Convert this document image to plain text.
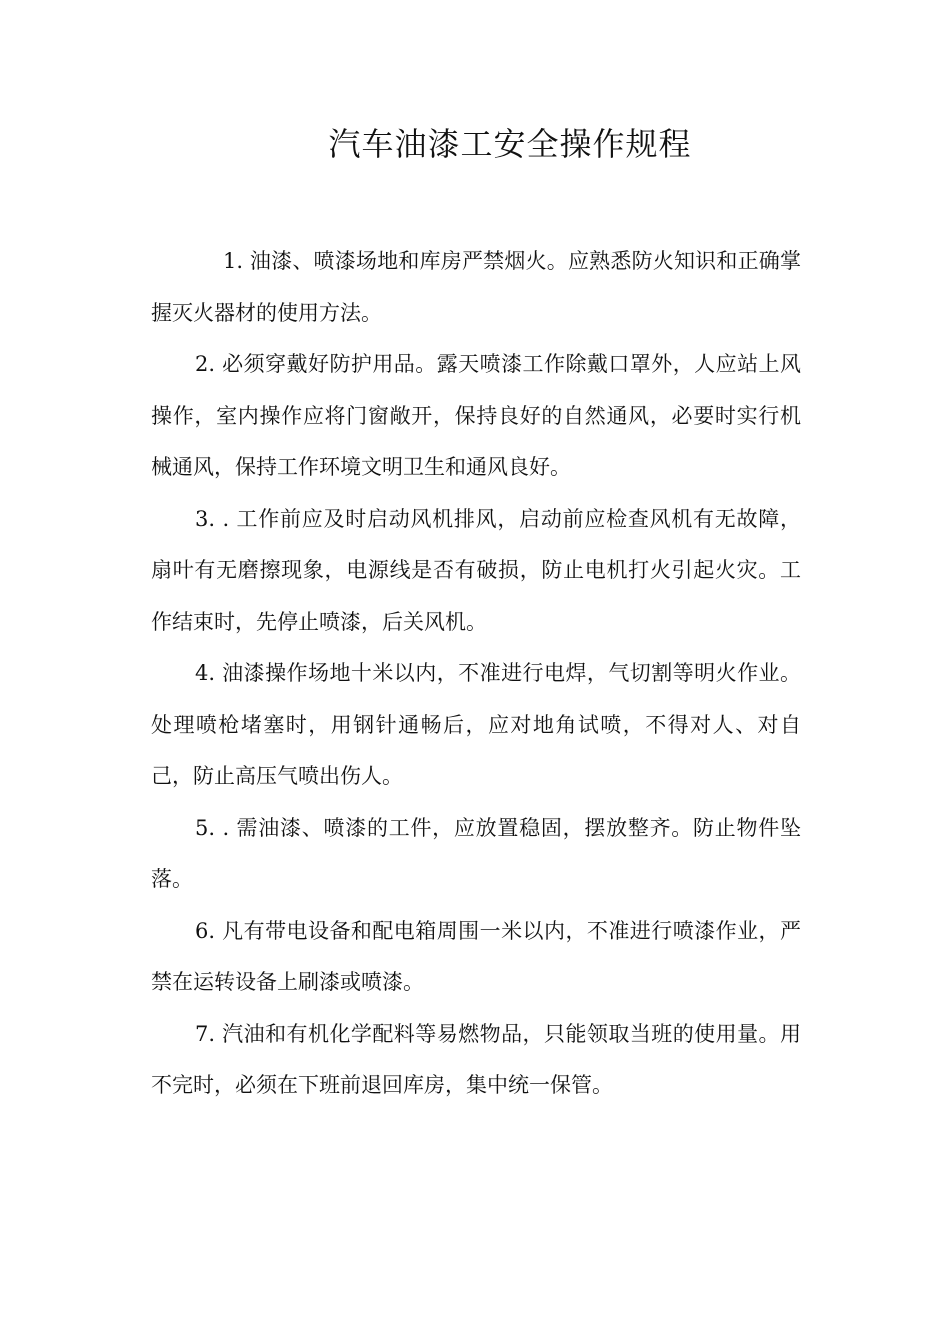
汽车油漆工安全操作规程

1. 油漆、喷漆场地和库房严禁烟火。应熟悉防火知识和正确掌握灭火器材的使用方法。

2. 必须穿戴好防护用品。露天喷漆工作除戴口罩外，人应站上风操作，室内操作应将门窗敞开，保持良好的自然通风，必要时实行机械通风，保持工作环境文明卫生和通风良好。

3. . 工作前应及时启动风机排风，启动前应检查风机有无故障，扇叶有无磨擦现象，电源线是否有破损，防止电机打火引起火灾。工作结束时，先停止喷漆，后关风机。

4. 油漆操作场地十米以内，不准进行电焊，气切割等明火作业。处理喷枪堵塞时，用钢针通畅后，应对地角试喷，不得对人、对自己，防止高压气喷出伤人。

5. . 需油漆、喷漆的工件，应放置稳固，摆放整齐。防止物件坠落。

6. 凡有带电设备和配电箱周围一米以内，不准进行喷漆作业，严禁在运转设备上刷漆或喷漆。

7. 汽油和有机化学配料等易燃物品，只能领取当班的使用量。用不完时，必须在下班前退回库房，集中统一保管。
